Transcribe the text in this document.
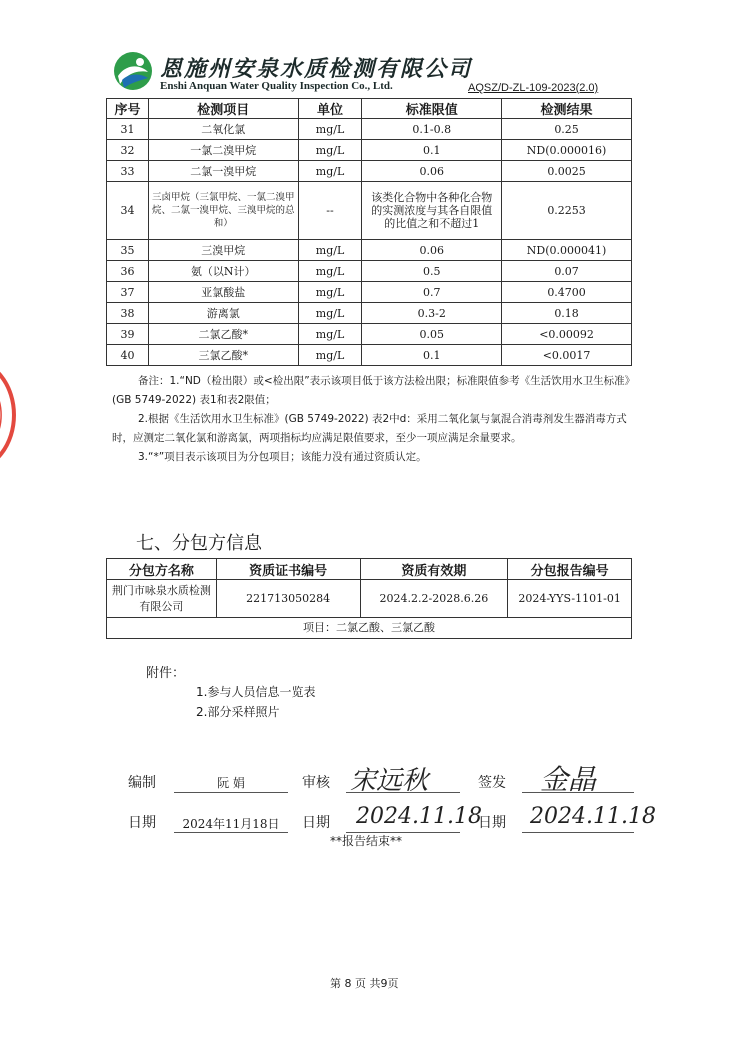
恩施州安泉水质检测有限公司
Enshi Anquan Water Quality Inspection Co., Ltd.	AQSZ/D-ZL-109-2023(2.0)
序号	检测项目	单位	标准限值	检测结果
31	二氧化氯	mg/L	0.1-0.8	0.25
32	一氯二溴甲烷	mg/L	0.1	ND(0.000016)
33	二氯一溴甲烷	mg/L	0.06	0.0025
34	三卤甲烷（三氯甲烷、一氯二溴甲烷、二氯一溴甲烷、三溴甲烷的总和）	--	该类化合物中各种化合物的实测浓度与其各自限值的比值之和不超过1	0.2253
35	三溴甲烷	mg/L	0.06	ND(0.000041)
36	氨（以N计）	mg/L	0.5	0.07
37	亚氯酸盐	mg/L	0.7	0.4700
38	游离氯	mg/L	0.3-2	0.18
39	二氯乙酸*	mg/L	0.05	<0.00092
40	三氯乙酸*	mg/L	0.1	<0.0017

备注：1.“ND（检出限）或<检出限”表示该项目低于该方法检出限；标准限值参考《生活饮用水卫生标准》(GB 5749-2022) 表1和表2限值；

2.根据《生活饮用水卫生标准》(GB 5749-2022) 表2中d：采用二氧化氯与氯混合消毒剂发生器消毒方式时，应测定二氧化氯和游离氯，两项指标均应满足限值要求，至少一项应满足余量要求。

3.“*”项目表示该项目为分包项目；该能力没有通过资质认定。

七、分包方信息
分包方名称	资质证书编号	资质有效期	分包报告编号
荆门市咏泉水质检测有限公司	221713050284	2024.2.2-2028.6.26	2024-YYS-1101-01
项目：二氯乙酸、三氯乙酸			
附件：
1.参与人员信息一览表
2.部分采样照片
编制	阮 娟	审核 宋远秋	签发 金晶
日期	2024年11月18日	日期 2024.11.18
日期 2024.11.18
**报告结束**
第 8 页 共9页
